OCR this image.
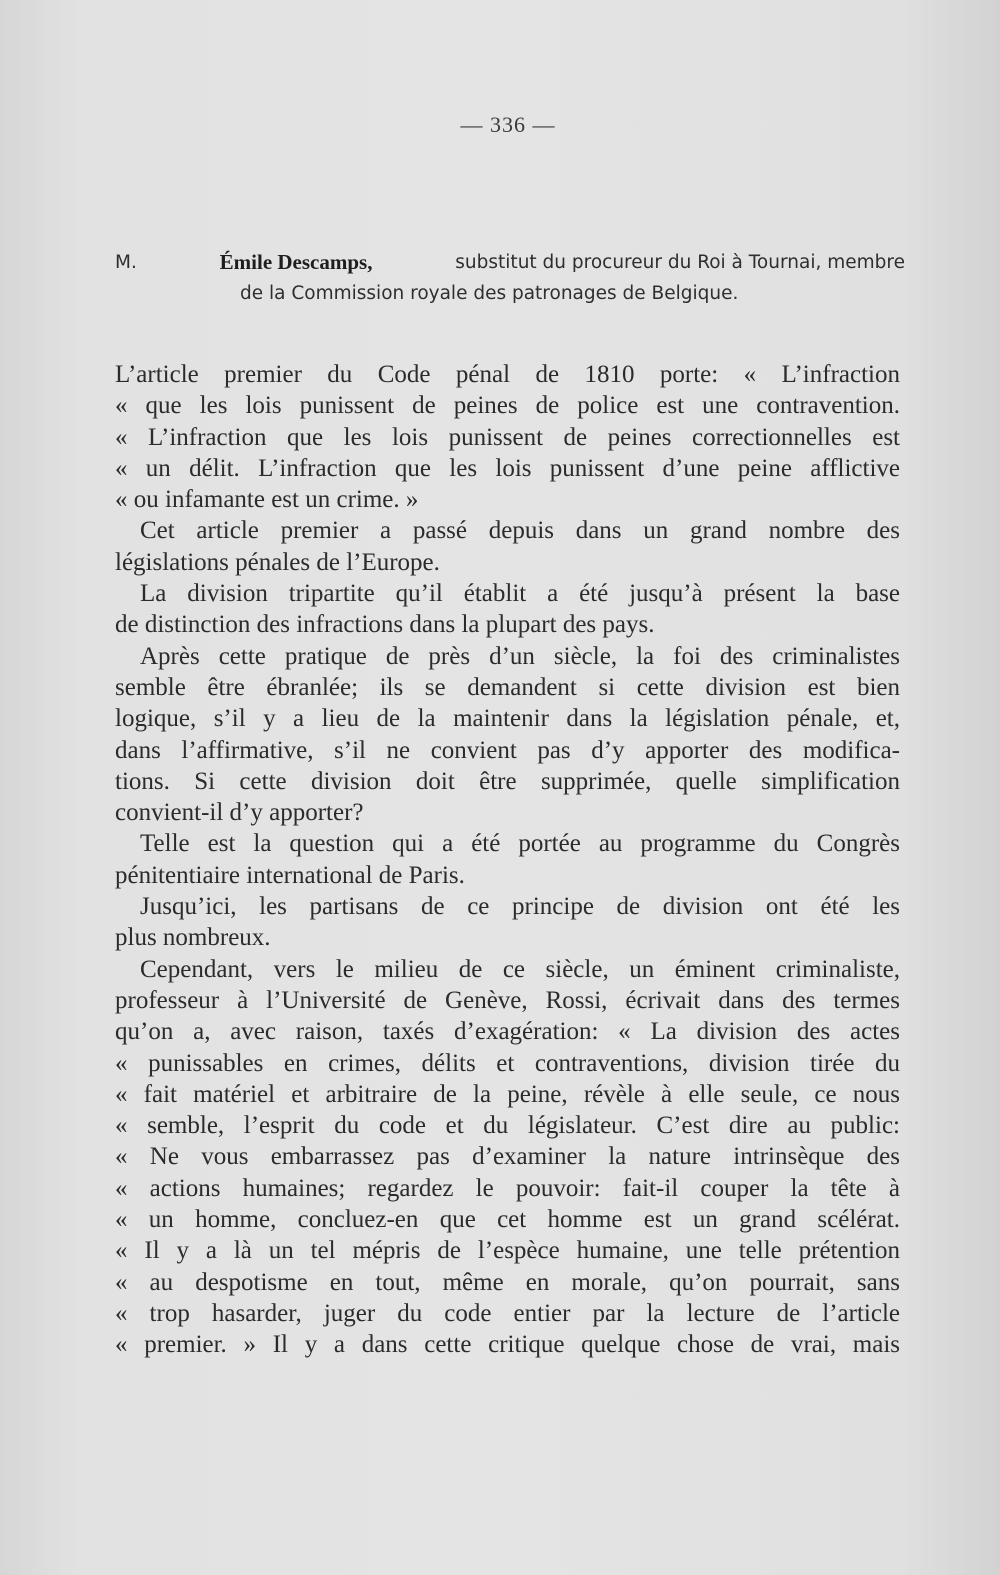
— 336 —
M.	Émile Descamps,	substitut du procureur du Roi à Tournai, membre
de la Commission royale des patronages de Belgique.
L’article premier du Code pénal de 1810 porte: « L’infraction
« que les lois punissent de peines de police est une contravention.
« L’infraction que les lois punissent de peines correctionnelles est
« un délit. L’infraction que les lois punissent d’une peine afflictive
« ou infamante est un crime. »
Cet article premier a passé depuis dans un grand nombre des
législations pénales de l’Europe.
La division tripartite qu’il établit a été jusqu’à présent la base
de distinction des infractions dans la plupart des pays.
Après cette pratique de près d’un siècle, la foi des criminalistes
semble être ébranlée; ils se demandent si cette division est bien
logique, s’il y a lieu de la maintenir dans la législation pénale, et,
dans l’affirmative, s’il ne convient pas d’y apporter des modifica-
tions. Si cette division doit être supprimée, quelle simplification
convient-il d’y apporter?
Telle est la question qui a été portée au programme du Congrès
pénitentiaire international de Paris.
Jusqu’ici, les partisans de ce principe de division ont été les
plus nombreux.
Cependant, vers le milieu de ce siècle, un éminent criminaliste,
professeur à l’Université de Genève, Rossi, écrivait dans des termes
qu’on a, avec raison, taxés d’exagération: « La division des actes
« punissables en crimes, délits et contraventions, division tirée du
« fait matériel et arbitraire de la peine, révèle à elle seule, ce nous
« semble, l’esprit du code et du législateur. C’est dire au public:
« Ne vous embarrassez pas d’examiner la nature intrinsèque des
« actions humaines; regardez le pouvoir: fait-il couper la tête à
« un homme, concluez-en que cet homme est un grand scélérat.
« Il y a là un tel mépris de l’espèce humaine, une telle prétention
« au despotisme en tout, même en morale, qu’on pourrait, sans
« trop hasarder, juger du code entier par la lecture de l’article
« premier. » Il y a dans cette critique quelque chose de vrai, mais
